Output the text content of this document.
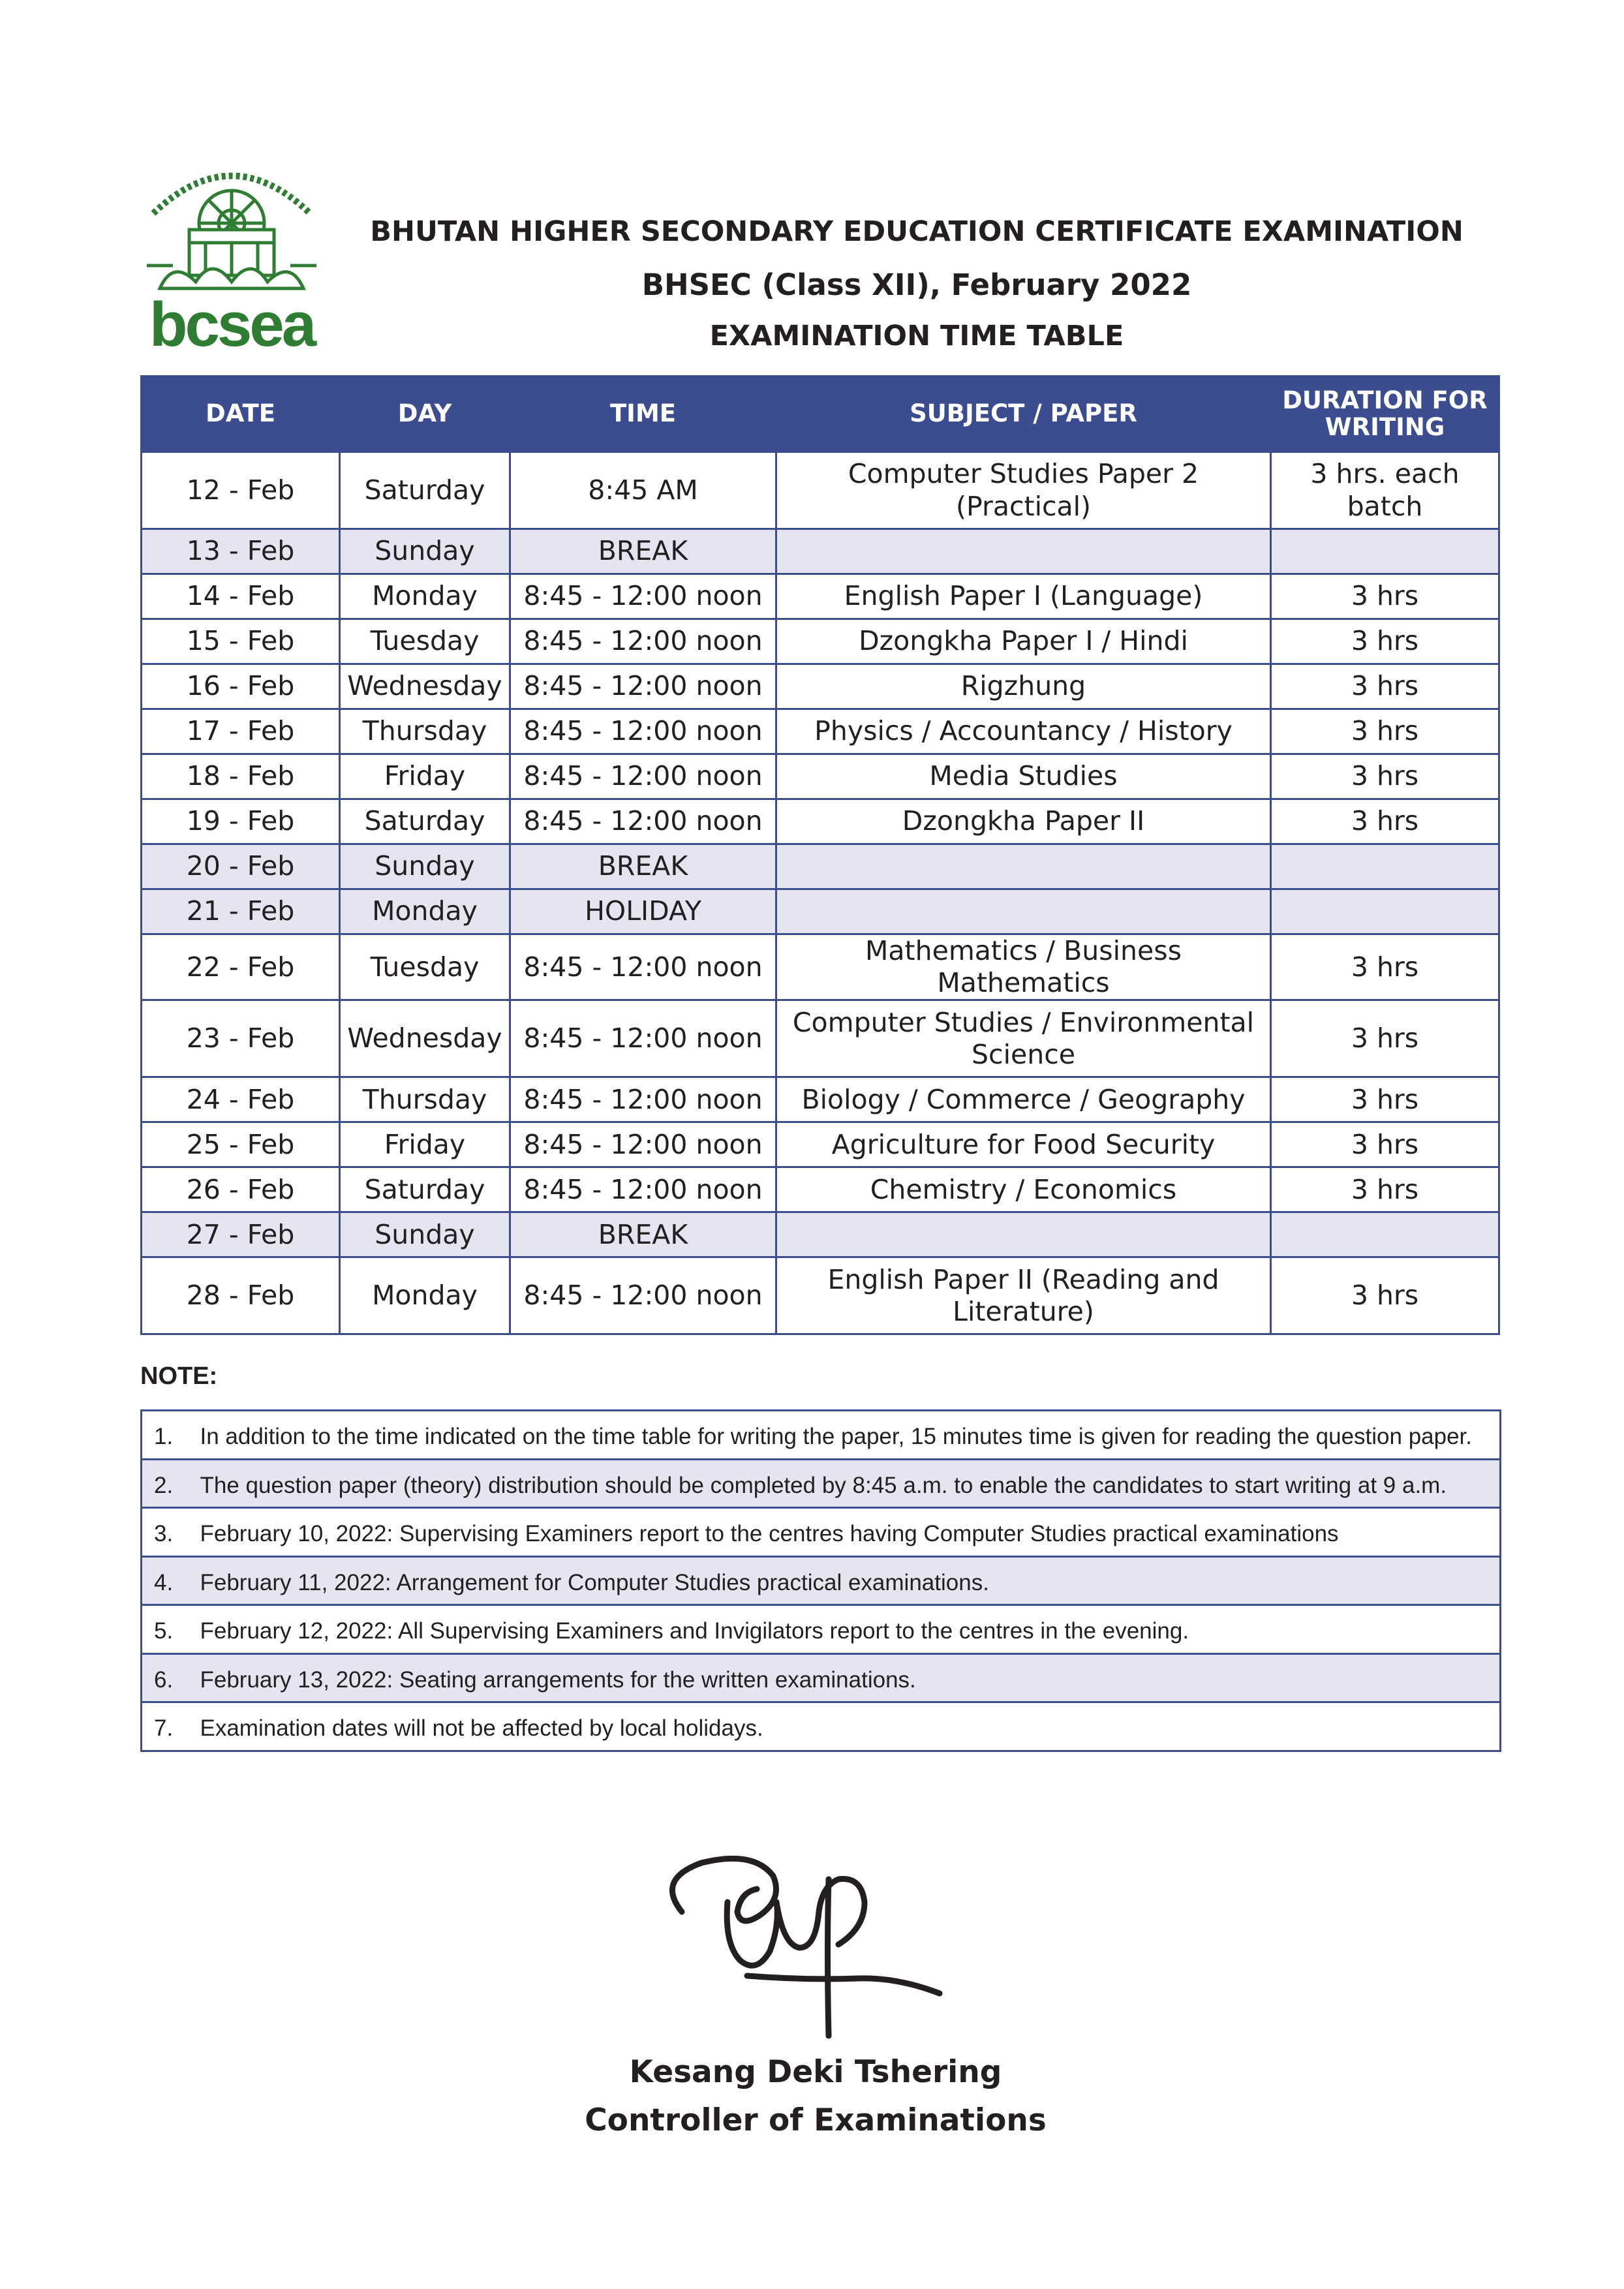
bcsea
BHUTAN HIGHER SECONDARY EDUCATION CERTIFICATE EXAMINATION
BHSEC (Class XII), February 2022
EXAMINATION TIME TABLE
DATE	DAY	TIME	SUBJECT / PAPER	DURATION FOR WRITING
12 - Feb	Saturday	8:45 AM	Computer Studies Paper 2 (Practical)	3 hrs. each batch
13 - Feb	Sunday	BREAK		
14 - Feb	Monday	8:45 - 12:00 noon	English Paper I (Language)	3 hrs
15 - Feb	Tuesday	8:45 - 12:00 noon	Dzongkha Paper I / Hindi	3 hrs
16 - Feb	Wednesday	8:45 - 12:00 noon	Rigzhung	3 hrs
17 - Feb	Thursday	8:45 - 12:00 noon	Physics / Accountancy / History	3 hrs
18 - Feb	Friday	8:45 - 12:00 noon	Media Studies	3 hrs
19 - Feb	Saturday	8:45 - 12:00 noon	Dzongkha Paper II	3 hrs
20 - Feb	Sunday	BREAK		
21 - Feb	Monday	HOLIDAY		
22 - Feb	Tuesday	8:45 - 12:00 noon	Mathematics / Business Mathematics	3 hrs
23 - Feb	Wednesday	8:45 - 12:00 noon	Computer Studies / Environmental Science	3 hrs
24 - Feb	Thursday	8:45 - 12:00 noon	Biology / Commerce / Geography	3 hrs
25 - Feb	Friday	8:45 - 12:00 noon	Agriculture for Food Security	3 hrs
26 - Feb	Saturday	8:45 - 12:00 noon	Chemistry / Economics	3 hrs
27 - Feb	Sunday	BREAK		
28 - Feb	Monday	8:45 - 12:00 noon	English Paper II (Reading and Literature)	3 hrs
NOTE:
1.	In addition to the time indicated on the time table for writing the paper, 15 minutes time is given for reading the question paper.
2.	The question paper (theory) distribution should be completed by 8:45 a.m. to enable the candidates to start writing at 9 a.m.
3.	February 10, 2022: Supervising Examiners report to the centres having Computer Studies practical examinations
4.	February 11, 2022: Arrangement for Computer Studies practical examinations.
5.	February 12, 2022: All Supervising Examiners and Invigilators report to the centres in the evening.
6.	February 13, 2022: Seating arrangements for the written examinations.
7.	Examination dates will not be affected by local holidays.
Kesang Deki Tshering
Controller of Examinations
